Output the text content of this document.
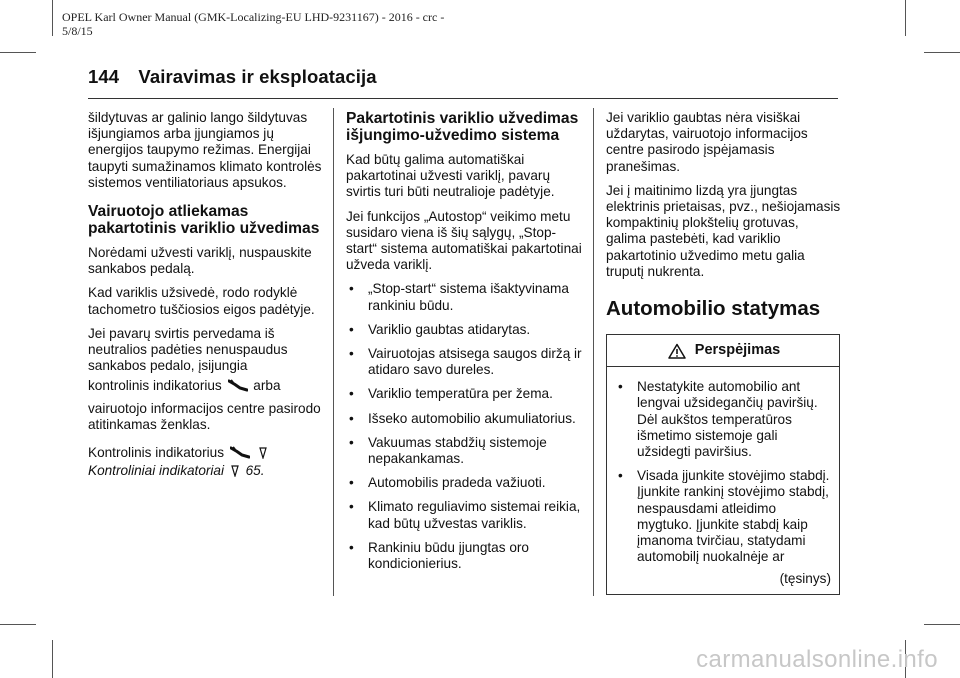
OPEL Karl Owner Manual (GMK-Localizing-EU LHD-9231167) - 2016 - crc -
5/8/15
144 Vairavimas ir eksploatacija

šildytuvas ar galinio lango šildytuvas išjungiamos arba įjungiamos jų energijos taupymo režimas. Energijai taupyti sumažinamos klimato kontrolės sistemos ventiliatoriaus apsukos.

Vairuotojo atliekamas pakartotinis variklio užvedimas

Norėdami užvesti variklį, nuspauskite sankabos pedalą.

Kad variklis užsivedė, rodo rodyklė tachometro tuščiosios eigos padėtyje.

Jei pavarų svirtis pervedama iš neutralios padėties nenuspaudus sankabos pedalo, įsijungia

kontrolinis indikatorius arba

vairuotojo informacijos centre pasirodo atitinkamas ženklas.

Kontrolinis indikatorius
Kontroliniai indikatoriai 65.

Pakartotinis variklio užvedimas išjungimo-užvedimo sistema

Kad būtų galima automatiškai pakartotinai užvesti variklį, pavarų svirtis turi būti neutralioje padėtyje.

Jei funkcijos „Autostop“ veikimo metu susidaro viena iš šių sąlygų, „Stop-start“ sistema automatiškai pakartotinai užveda variklį.

• „Stop-start“ sistema išaktyvinama rankiniu būdu.
• Variklio gaubtas atidarytas.
• Vairuotojas atsisega saugos diržą ir atidaro savo dureles.
• Variklio temperatūra per žema.
• Išseko automobilio akumuliatorius.
• Vakuumas stabdžių sistemoje nepakankamas.
• Automobilis pradeda važiuoti.
• Klimato reguliavimo sistemai reikia, kad būtų užvestas variklis.
• Rankiniu būdu įjungtas oro kondicionierius.

Jei variklio gaubtas nėra visiškai uždarytas, vairuotojo informacijos centre pasirodo įspėjamasis pranešimas.

Jei į maitinimo lizdą yra įjungtas elektrinis prietaisas, pvz., nešiojamasis kompaktinių plokštelių grotuvas, galima pastebėti, kad variklio pakartotinio užvedimo metu galia truputį nukrenta.

Automobilio statymas
Perspėjimas
• Nestatykite automobilio ant lengvai užsidegančių paviršių. Dėl aukštos temperatūros išmetimo sistemoje gali užsidegti paviršius.
• Visada įjunkite stovėjimo stabdį. Įjunkite rankinį stovėjimo stabdį, nespausdami atleidimo mygtuko. Įjunkite stabdį kaip įmanoma tvirčiau, statydami automobilį nuokalnėje ar
(tęsinys)
carmanualsonline.info
